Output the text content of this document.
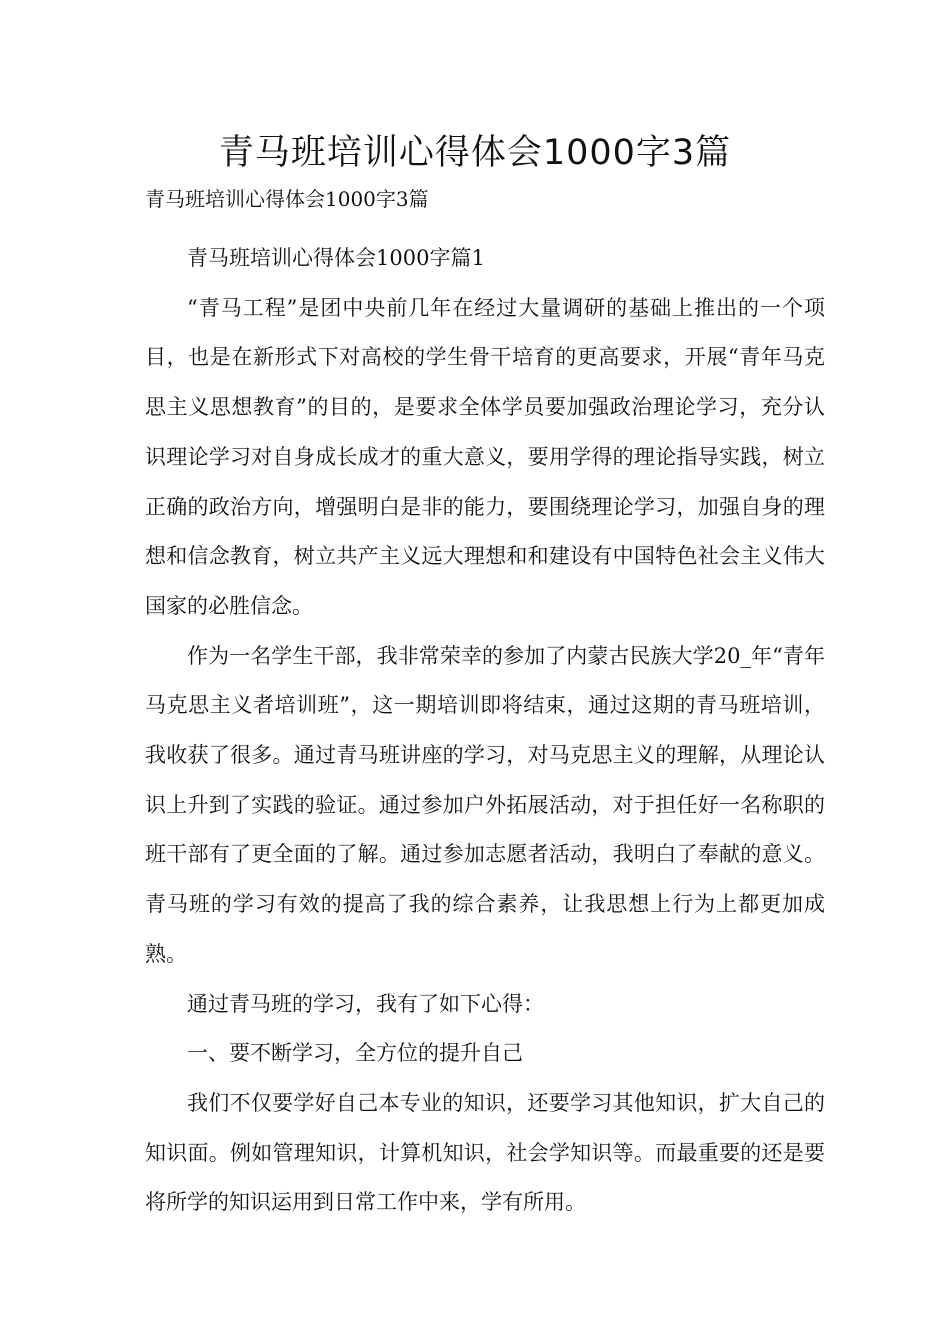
青马班培训心得体会1000字3篇
青马班培训心得体会1000字3篇

青马班培训心得体会1000字篇1

“青马工程”是团中央前几年在经过大量调研的基础上推出的一个项目，也是在新形式下对高校的学生骨干培育的更高要求，开展“青年马克思主义思想教育”的目的，是要求全体学员要加强政治理论学习，充分认识理论学习对自身成长成才的重大意义，要用学得的理论指导实践，树立正确的政治方向，增强明白是非的能力，要围绕理论学习，加强自身的理想和信念教育，树立共产主义远大理想和和建设有中国特色社会主义伟大国家的必胜信念。

作为一名学生干部，我非常荣幸的参加了内蒙古民族大学20_年“青年马克思主义者培训班”，这一期培训即将结束，通过这期的青马班培训，我收获了很多。通过青马班讲座的学习，对马克思主义的理解，从理论认识上升到了实践的验证。通过参加户外拓展活动，对于担任好一名称职的班干部有了更全面的了解。通过参加志愿者活动，我明白了奉献的意义。青马班的学习有效的提高了我的综合素养，让我思想上行为上都更加成熟。

通过青马班的学习，我有了如下心得：

一、要不断学习，全方位的提升自己

我们不仅要学好自己本专业的知识，还要学习其他知识，扩大自己的知识面。例如管理知识，计算机知识，社会学知识等。而最重要的还是要将所学的知识运用到日常工作中来，学有所用。
